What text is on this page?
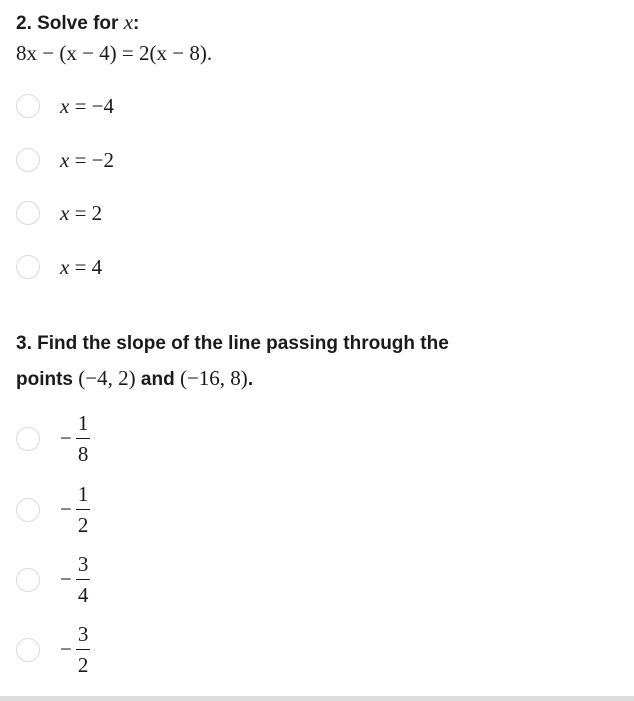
2. Solve for x:
8x − (x − 4) = 2(x − 8).
x = −4
x = −2
x = 2
x = 4
3. Find the slope of the line passing through the
points (−4, 2) and (−16, 8).
− $\frac{1}{8}$
− $\frac{1}{2}$
− $\frac{3}{4}$
− $\frac{3}{2}$
